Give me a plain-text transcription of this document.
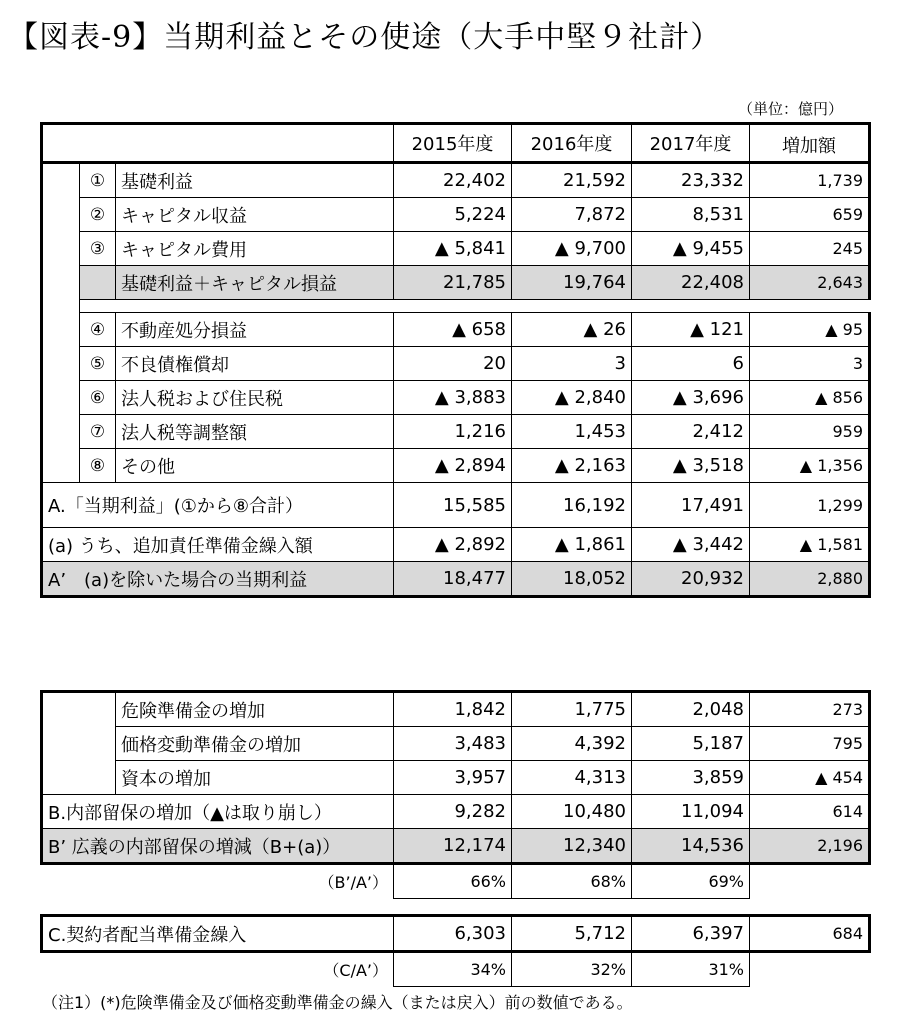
【図表-9】当期利益とその使途（大手中堅９社計）
（単位：億円）
			2015年度	2016年度	2017年度	増加額
	①	基礎利益	22,402	21,592	23,332	1,739
	②	キャピタル収益	5,224	7,872	8,531	659
	③	キャピタル費用	▲ 5,841	▲ 9,700	▲ 9,455	245
		基礎利益＋キャピタル損益	21,785	19,764	22,408	2,643

	④	不動産処分損益	▲ 658	▲ 26	▲ 121	▲ 95
	⑤	不良債権償却	20	3	6	3
	⑥	法人税および住民税	▲ 3,883	▲ 2,840	▲ 3,696	▲ 856
	⑦	法人税等調整額	1,216	1,453	2,412	959
	⑧	その他	▲ 2,894	▲ 2,163	▲ 3,518	▲ 1,356
A.「当期利益」(①から⑧合計）			15,585	16,192	17,491	1,299
(a) うち、追加責任準備金繰入額			▲ 2,892	▲ 1,861	▲ 3,442	▲ 1,581
A’　(a)を除いた場合の当期利益			18,477	18,052	20,932	2,880
	危険準備金の増加	1,842	1,775	2,048	273
	価格変動準備金の増加	3,483	4,392	5,187	795
	資本の増加	3,957	4,313	3,859	▲ 454
B.内部留保の増加（▲は取り崩し）		9,282	10,480	11,094	614
B’ 広義の内部留保の増減（B+(a)）		12,174	12,340	14,536	2,196
（B’/A’）		66%	68%	69%	
C.契約者配当準備金繰入	6,303	5,712	6,397	684
（C/A’）	34%	32%	31%	
（注1）(*)危険準備金及び価格変動準備金の繰入（または戻入）前の数値である。
